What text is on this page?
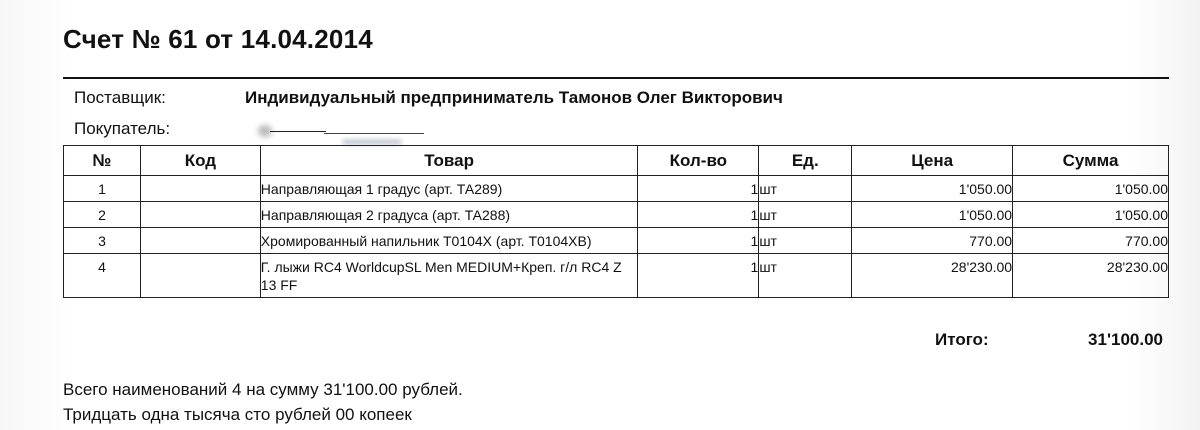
Счет № 61 от 14.04.2014
Поставщик:	Индивидуальный предприниматель Тамонов Олег Викторович
Покупатель:
№	Код	Товар	Кол-во	Ед.	Цена	Сумма
1		Направляющая 1 градус (арт. ТА289)	1	шт	1'050.00	1'050.00
2		Направляющая 2 градуса (арт. ТА288)	1	шт	1'050.00	1'050.00
3		Хромированный напильник Т0104Х (арт. Т0104ХВ)	1	шт	770.00	770.00
4		Г. лыжи RC4 WorldcupSL Men MEDIUM+Креп. г/л RC4 Z 13 FF	1	шт	28'230.00	28'230.00
Итого:	31'100.00
Всего наименований 4 на сумму 31'100.00 рублей.
Тридцать одна тысяча сто рублей 00 копеек
